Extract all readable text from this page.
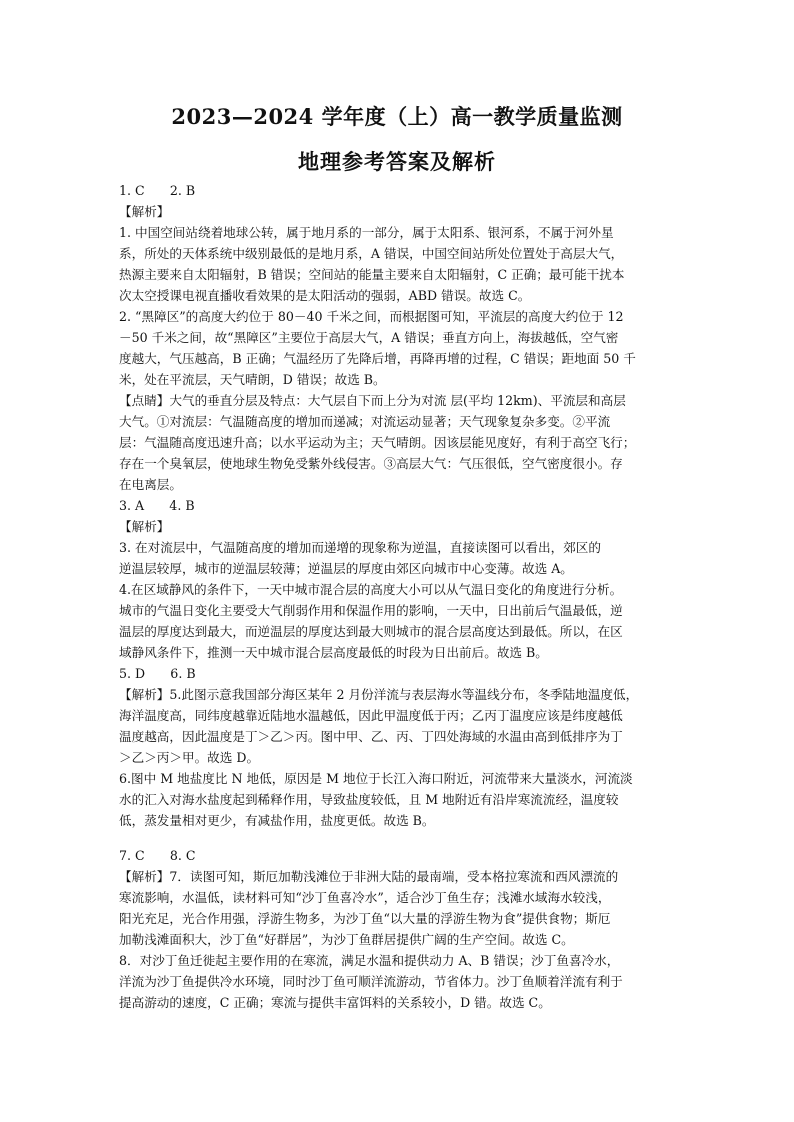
2023—2024 学年度（上）高一教学质量监测
地理参考答案及解析
1. C　　2. B
【解析】
1. 中国空间站绕着地球公转，属于地月系的一部分，属于太阳系、银河系，不属于河外星
系，所处的天体系统中级别最低的是地月系，A 错误，中国空间站所处位置处于高层大气，
热源主要来自太阳辐射，B 错误；空间站的能量主要来自太阳辐射，C 正确；最可能干扰本
次太空授课电视直播收看效果的是太阳活动的强弱，ABD 错误。故选 C。
2. “黑障区”的高度大约位于 80－40 千米之间，而根据图可知，平流层的高度大约位于 12
－50 千米之间，故“黑障区”主要位于高层大气，A 错误；垂直方向上，海拔越低，空气密
度越大，气压越高，B 正确；气温经历了先降后增，再降再增的过程，C 错误；距地面 50 千
米，处在平流层，天气晴朗，D 错误；故选 B。
【点睛】大气的垂直分层及特点：大气层自下而上分为对流 层(平均 12km)、平流层和高层
大气。①对流层：气温随高度的增加而递减；对流运动显著；天气现象复杂多变。②平流
层：气温随高度迅速升高；以水平运动为主；天气晴朗。因该层能见度好，有利于高空飞行；
存在一个臭氧层，使地球生物免受紫外线侵害。③高层大气：气压很低，空气密度很小。存
在电离层。
3. A　　4. B
【解析】
3. 在对流层中，气温随高度的增加而递增的现象称为逆温，直接读图可以看出，郊区的
逆温层较厚，城市的逆温层较薄；逆温层的厚度由郊区向城市中心变薄。故选 A。
4.在区域静风的条件下，一天中城市混合层的高度大小可以从气温日变化的角度进行分析。
城市的气温日变化主要受大气削弱作用和保温作用的影响，一天中，日出前后气温最低，逆
温层的厚度达到最大，而逆温层的厚度达到最大则城市的混合层高度达到最低。所以，在区
域静风条件下，推测一天中城市混合层高度最低的时段为日出前后。故选 B。
5. D　　6. B
【解析】5.此图示意我国部分海区某年 2 月份洋流与表层海水等温线分布，冬季陆地温度低，
海洋温度高，同纬度越靠近陆地水温越低，因此甲温度低于丙；乙丙丁温度应该是纬度越低
温度越高，因此温度是丁＞乙＞丙。图中甲、乙、丙、丁四处海域的水温由高到低排序为丁
＞乙＞丙＞甲。故选 D。
6.图中 M 地盐度比 N 地低，原因是 M 地位于长江入海口附近，河流带来大量淡水，河流淡
水的汇入对海水盐度起到稀释作用，导致盐度较低，且 M 地附近有沿岸寒流流经，温度较
低，蒸发量相对更少，有减盐作用，盐度更低。故选 B。
7. C　　8. C
【解析】7．读图可知，斯厄加勒浅滩位于非洲大陆的最南端，受本格拉寒流和西风漂流的
寒流影响，水温低，读材料可知“沙丁鱼喜冷水”，适合沙丁鱼生存；浅滩水域海水较浅，
阳光充足，光合作用强，浮游生物多，为沙丁鱼“以大量的浮游生物为食”提供食物；斯厄
加勒浅滩面积大，沙丁鱼“好群居”，为沙丁鱼群居提供广阔的生产空间。故选 C。
8．对沙丁鱼迁徙起主要作用的在寒流，满足水温和提供动力 A、B 错误；沙丁鱼喜冷水，
洋流为沙丁鱼提供冷水环境，同时沙丁鱼可顺洋流游动，节省体力。沙丁鱼顺着洋流有利于
提高游动的速度，C 正确；寒流与提供丰富饵料的关系较小，D 错。故选 C。
